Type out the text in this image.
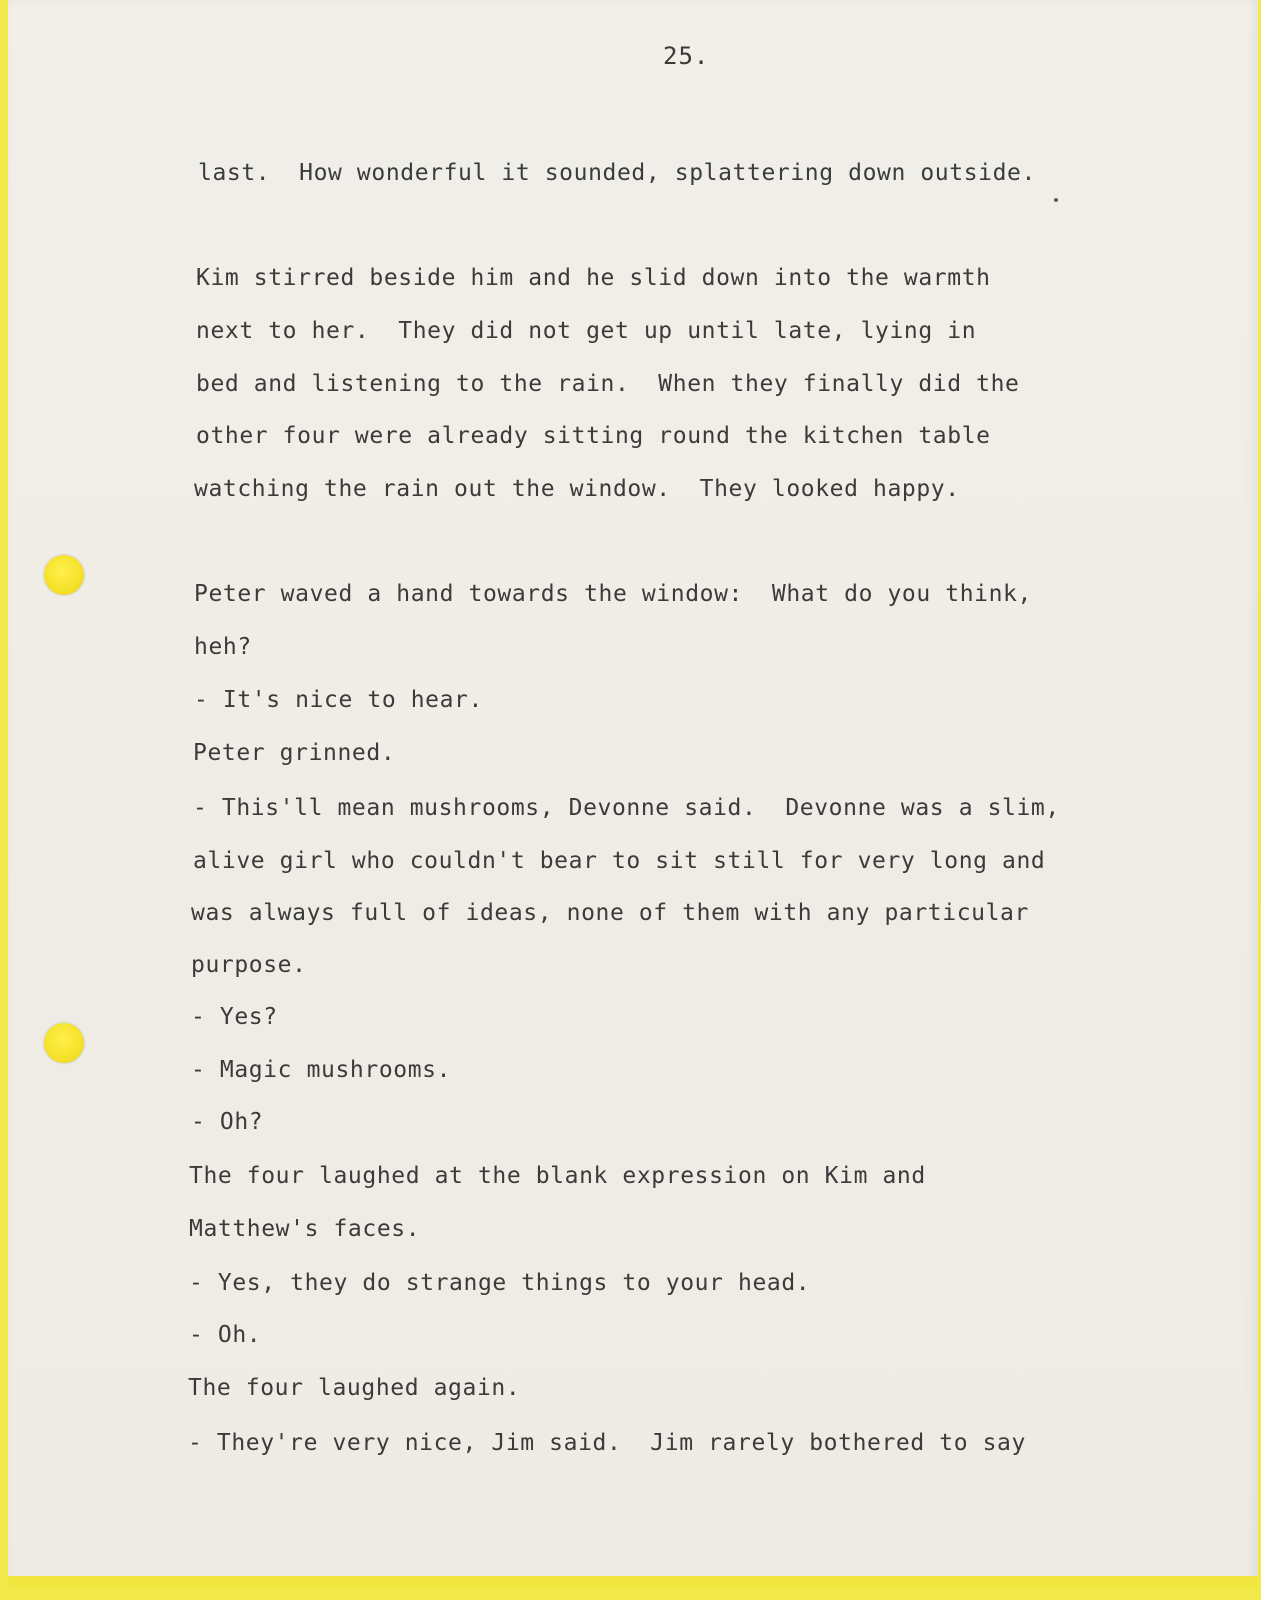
25.
last.  How wonderful it sounded, splattering down outside.
Kim stirred beside him and he slid down into the warmth
next to her.  They did not get up until late, lying in
bed and listening to the rain.  When they finally did the
other four were already sitting round the kitchen table
watching the rain out the window.  They looked happy.
Peter waved a hand towards the window:  What do you think,
heh?
- It's nice to hear.
Peter grinned.
- This'll mean mushrooms, Devonne said.  Devonne was a slim,
alive girl who couldn't bear to sit still for very long and
was always full of ideas, none of them with any particular
purpose.
- Yes?
- Magic mushrooms.
- Oh?
The four laughed at the blank expression on Kim and
Matthew's faces.
- Yes, they do strange things to your head.
- Oh.
The four laughed again.
- They're very nice, Jim said.  Jim rarely bothered to say
